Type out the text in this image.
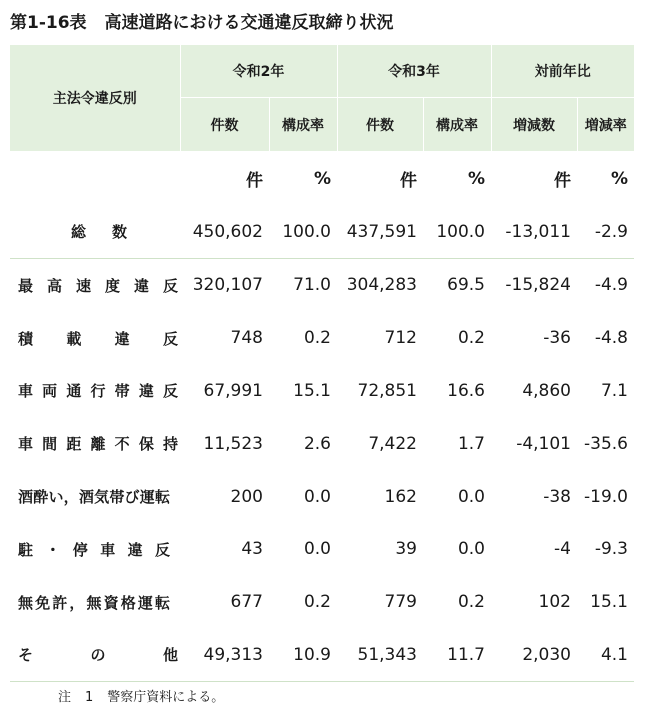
第1-16表 高速道路における交通違反取締り状況
主法令違反別	令和2年		令和3年		対前年比	
	件数	構成率	件数	構成率	増減数	増減率
	件	%	件	%	件	%

総数	450,602	100.0	437,591	100.0	-13,011	-2.9

最高速度違反	320,107	71.0	304,283	69.5	-15,824	-4.9

積載違反	748	0.2	712	0.2	-36	-4.8

車両通行帯違反	67,991	15.1	72,851	16.6	4,860	7.1

車間距離不保持	11,523	2.6	7,422	1.7	-4,101	-35.6

酒酔い，酒気帯び運転	200	0.0	162	0.0	-38	-19.0

駐・停車違反	43	0.0	39	0.0	-4	-9.3

無免許，無資格運転	677	0.2	779	0.2	102	15.1

その他	49,313	10.9	51,343	11.7	2,030	4.1
注 1 警察庁資料による。
